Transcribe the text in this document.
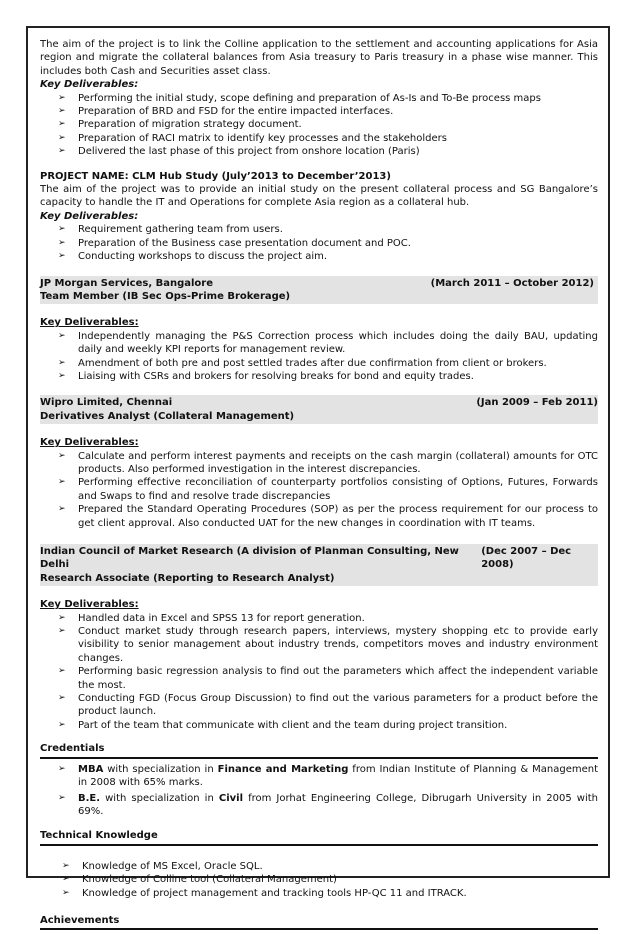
The aim of the project is to link the Colline application to the settlement and accounting applications for Asia region and migrate the collateral balances from Asia treasury to Paris treasury in a phase wise manner. This includes both Cash and Securities asset class.

Key Deliverables:
➢ Performing the initial study, scope defining and preparation of As-Is and To-Be process maps
➢ Preparation of BRD and FSD for the entire impacted interfaces.
➢ Preparation of migration strategy document.
➢ Preparation of RACI matrix to identify key processes and the stakeholders
➢ Delivered the last phase of this project from onshore location (Paris)
PROJECT NAME: CLM Hub Study (July’2013 to December’2013)

The aim of the project was to provide an initial study on the present collateral process and SG Bangalore’s capacity to handle the IT and Operations for complete Asia region as a collateral hub.

Key Deliverables:
➢ Requirement gathering team from users.
➢ Preparation of the Business case presentation document and POC.
➢ Conducting workshops to discuss the project aim.
JP Morgan Services, Bangalore	(March 2011 – October 2012)
Team Member (IB Sec Ops-Prime Brokerage)
Key Deliverables:
➢ Independently managing the P&S Correction process which includes doing the daily BAU, updating daily and weekly KPI reports for management review.
➢ Amendment of both pre and post settled trades after due confirmation from client or brokers.
➢ Liaising with CSRs and brokers for resolving breaks for bond and equity trades.
Wipro Limited, Chennai	(Jan 2009 – Feb 2011)
Derivatives Analyst (Collateral Management)
Key Deliverables:
➢ Calculate and perform interest payments and receipts on the cash margin (collateral) amounts for OTC products. Also performed investigation in the interest discrepancies.
➢ Performing effective reconciliation of counterparty portfolios consisting of Options, Futures, Forwards and Swaps to find and resolve trade discrepancies
➢ Prepared the Standard Operating Procedures (SOP) as per the process requirement for our process to get client approval. Also conducted UAT for the new changes in coordination with IT teams.
Indian Council of Market Research (A division of Planman Consulting, New Delhi
(Dec 2007 – Dec 2008)
Research Associate (Reporting to Research Analyst)
Key Deliverables:
➢ Handled data in Excel and SPSS 13 for report generation.
➢ Conduct market study through research papers, interviews, mystery shopping etc to provide early visibility to senior management about industry trends, competitors moves and industry environment changes.
➢ Performing basic regression analysis to find out the parameters which affect the independent variable the most.
➢ Conducting FGD (Focus Group Discussion) to find out the various parameters for a product before the product launch.
➢ Part of the team that communicate with client and the team during project transition.
Credentials
➢ MBA with specialization in Finance and Marketing from Indian Institute of Planning & Management in 2008 with 65% marks.
➢ B.E. with specialization in Civil from Jorhat Engineering College, Dibrugarh University in 2005 with 69%.
Technical Knowledge
➢ Knowledge of MS Excel, Oracle SQL.
➢ Knowledge of Colline tool (Collateral Management)
➢ Knowledge of project management and tracking tools HP-QC 11 and ITRACK.
Achievements
